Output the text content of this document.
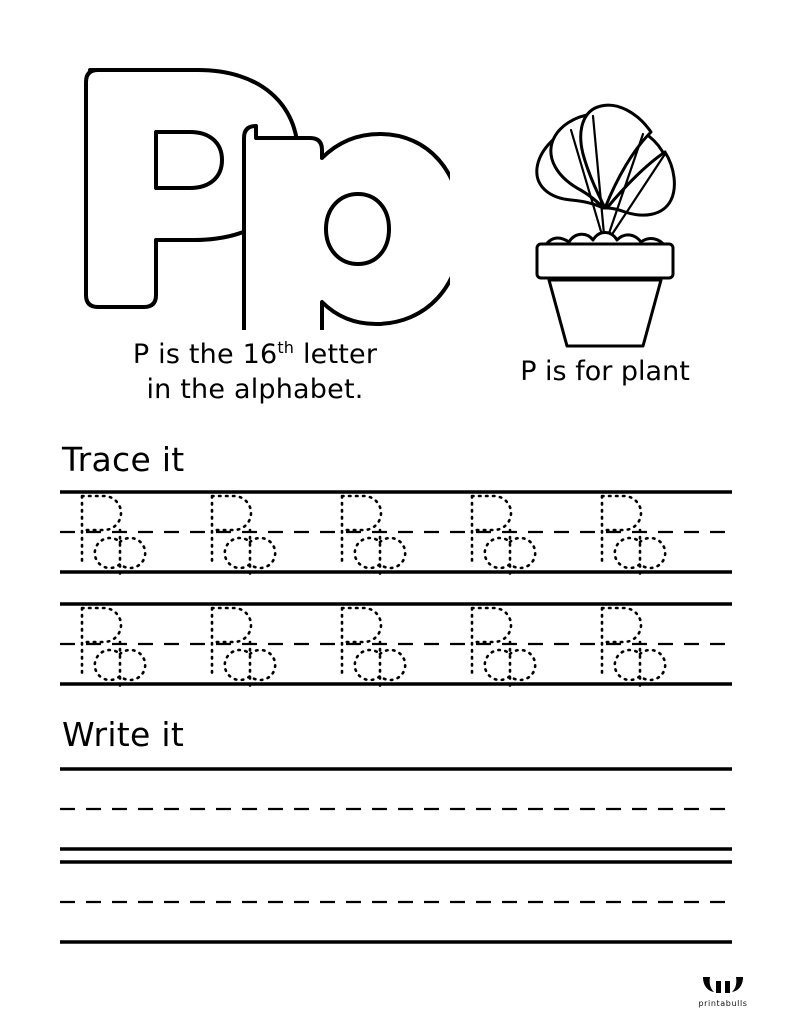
P is the 16th letter
in the alphabet.
P is for plant
Trace it
Write it
printabulls
